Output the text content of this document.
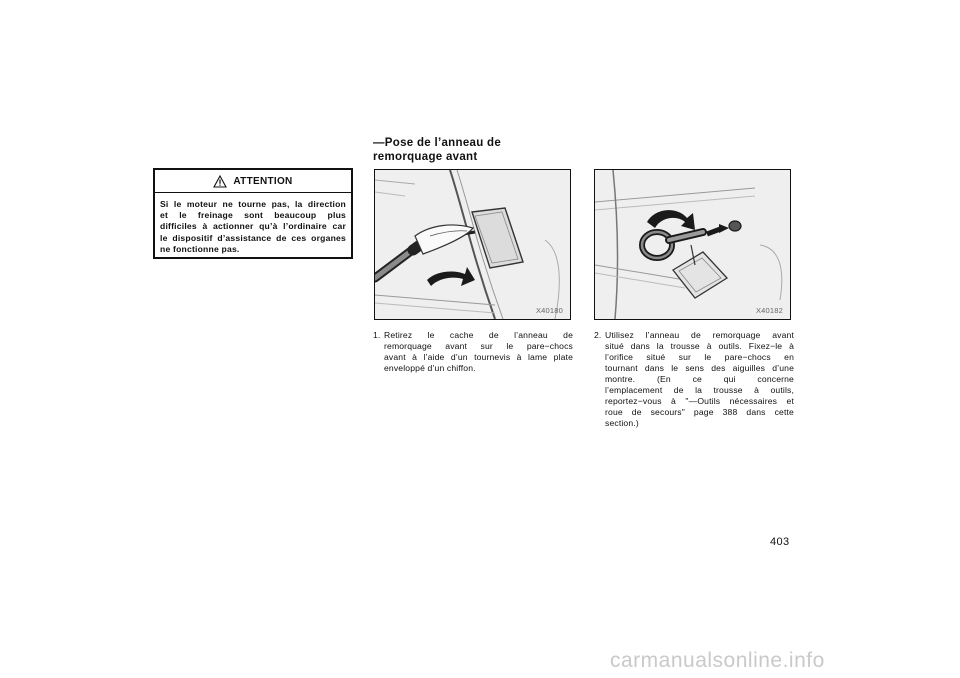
ATTENTION
Si le moteur ne tourne pas, la direction
et le freinage sont beaucoup plus
difficiles à actionner qu’à l’ordinaire car
le dispositif d’assistance de ces organes
ne fonctionne pas.
—Pose de l’anneau de
remorquage avant
X40180	X40182
1. Retirez le cache de l’anneau de
remorquage avant sur le pare−chocs
avant à l’aide d’un tournevis à lame plate
enveloppé d’un chiffon.
2. Utilisez l’anneau de remorquage avant
situé dans la trousse à outils. Fixez−le à
l’orifice situé sur le pare−chocs en
tournant dans le sens des aiguilles d’une
montre. (En ce qui concerne
l’emplacement de la trousse à outils,
reportez−vous à "—Outils nécessaires et
roue de secours" page 388 dans cette
section.)
403
carmanualsonline.info
